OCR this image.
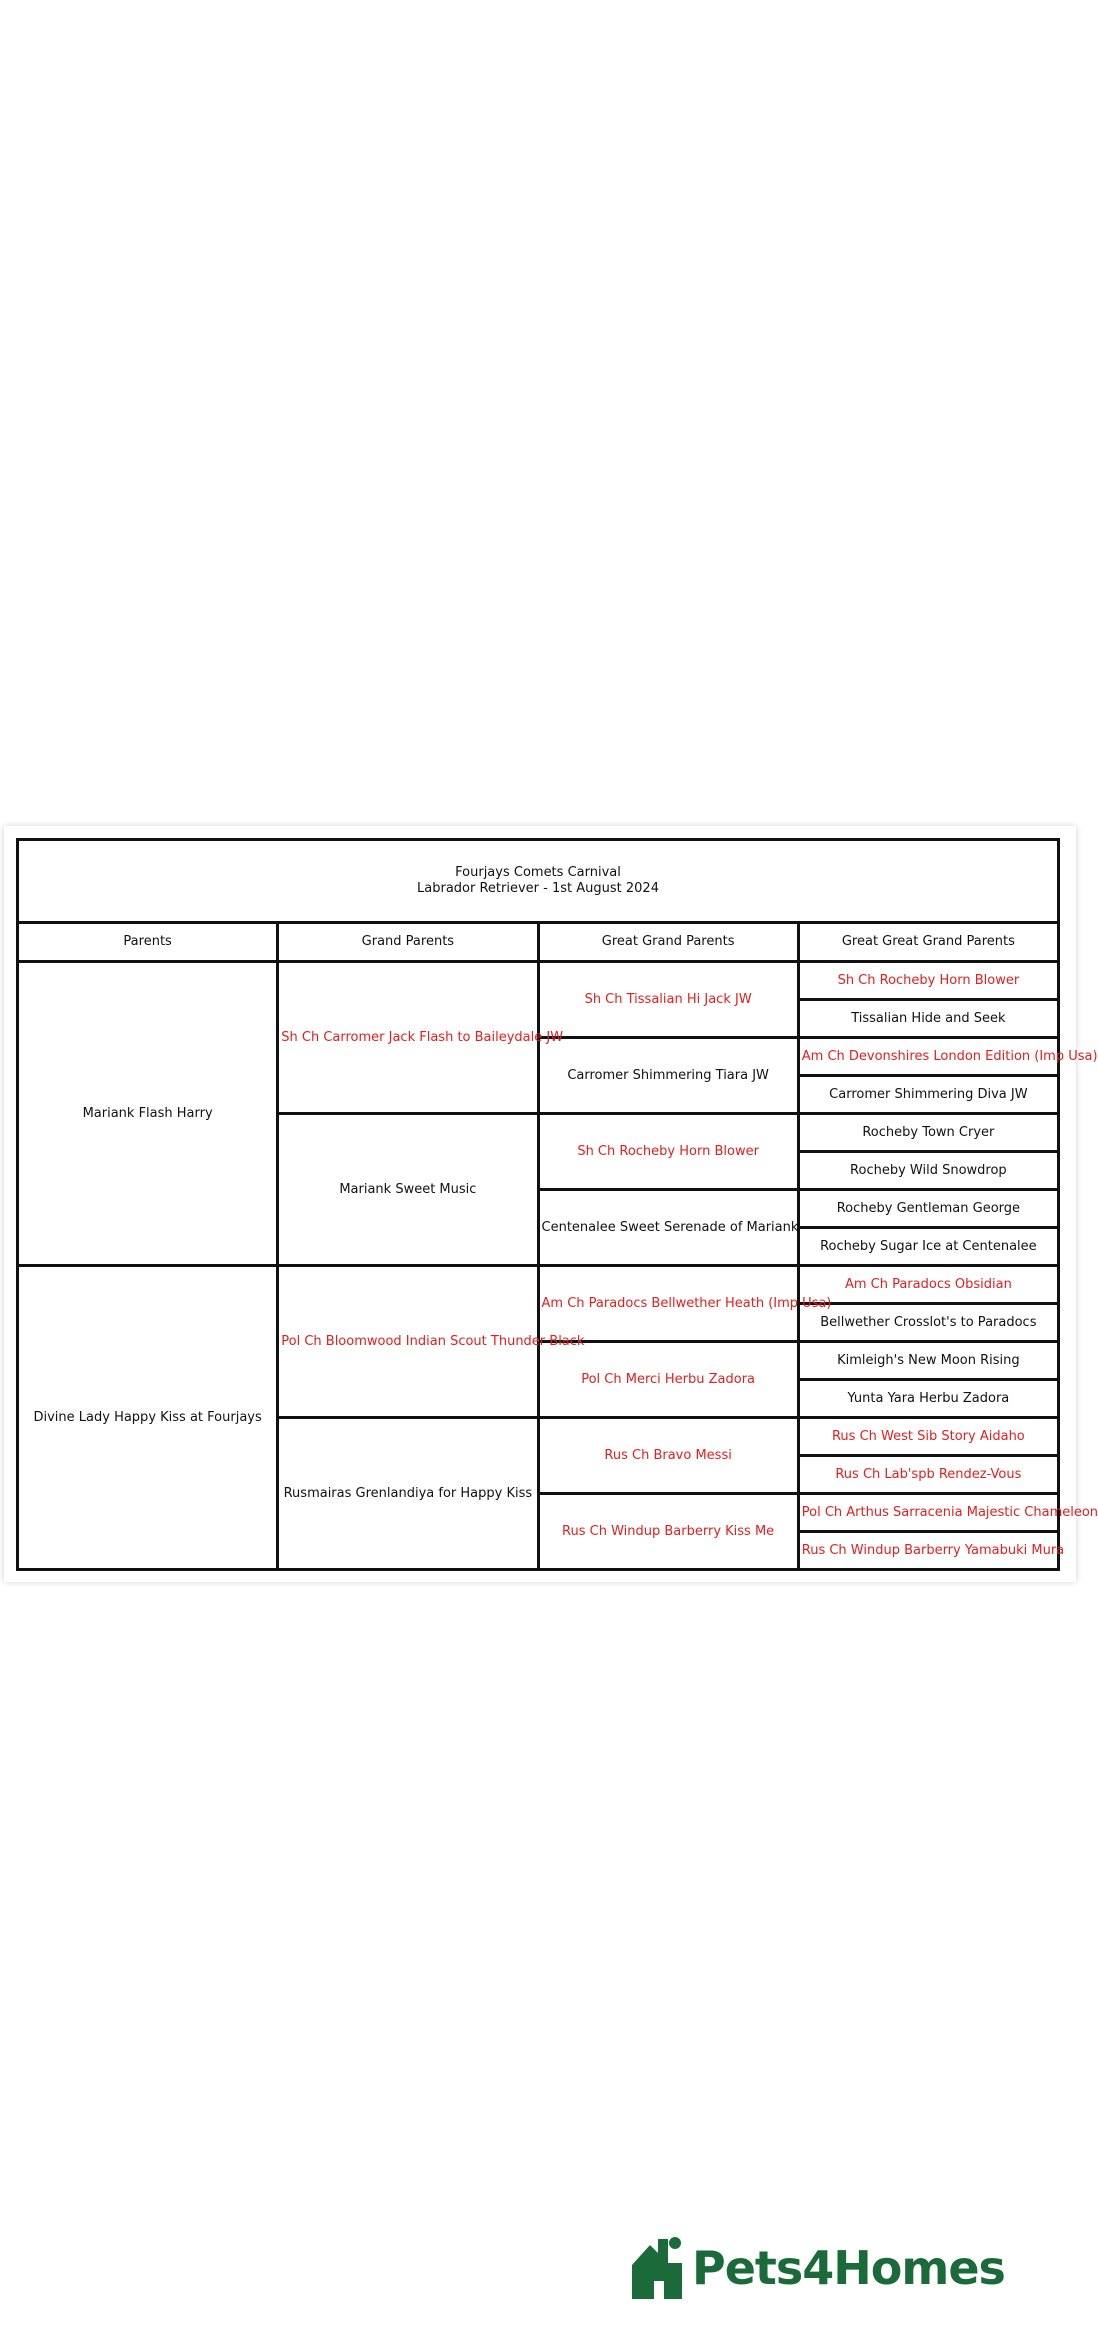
Fourjays Comets Carnival
Labrador Retriever - 1st August 2024			

Parents	Grand Parents	Great Grand Parents	Great Great Grand Parents
Mariank Flash Harry	Sh Ch Carromer Jack Flash to Baileydale JW	Sh Ch Tissalian Hi Jack JW	Sh Ch Rocheby Horn Blower
			Tissalian Hide and Seek
		Carromer Shimmering Tiara JW	Am Ch Devonshires London Edition (Imp Usa)
			Carromer Shimmering Diva JW
	Mariank Sweet Music	Sh Ch Rocheby Horn Blower	Rocheby Town Cryer
			Rocheby Wild Snowdrop
		Centenalee Sweet Serenade of Mariank	Rocheby Gentleman George
			Rocheby Sugar Ice at Centenalee
Divine Lady Happy Kiss at Fourjays	Pol Ch Bloomwood Indian Scout Thunder Black	Am Ch Paradocs Bellwether Heath (Imp Usa)	Am Ch Paradocs Obsidian
			Bellwether Crosslot's to Paradocs
		Pol Ch Merci Herbu Zadora	Kimleigh's New Moon Rising
			Yunta Yara Herbu Zadora
	Rusmairas Grenlandiya for Happy Kiss	Rus Ch Bravo Messi	Rus Ch West Sib Story Aidaho
			Rus Ch Lab'spb Rendez-Vous
		Rus Ch Windup Barberry Kiss Me	Pol Ch Arthus Sarracenia Majestic Chameleon
			Rus Ch Windup Barberry Yamabuki Mura
Pets4Homes
